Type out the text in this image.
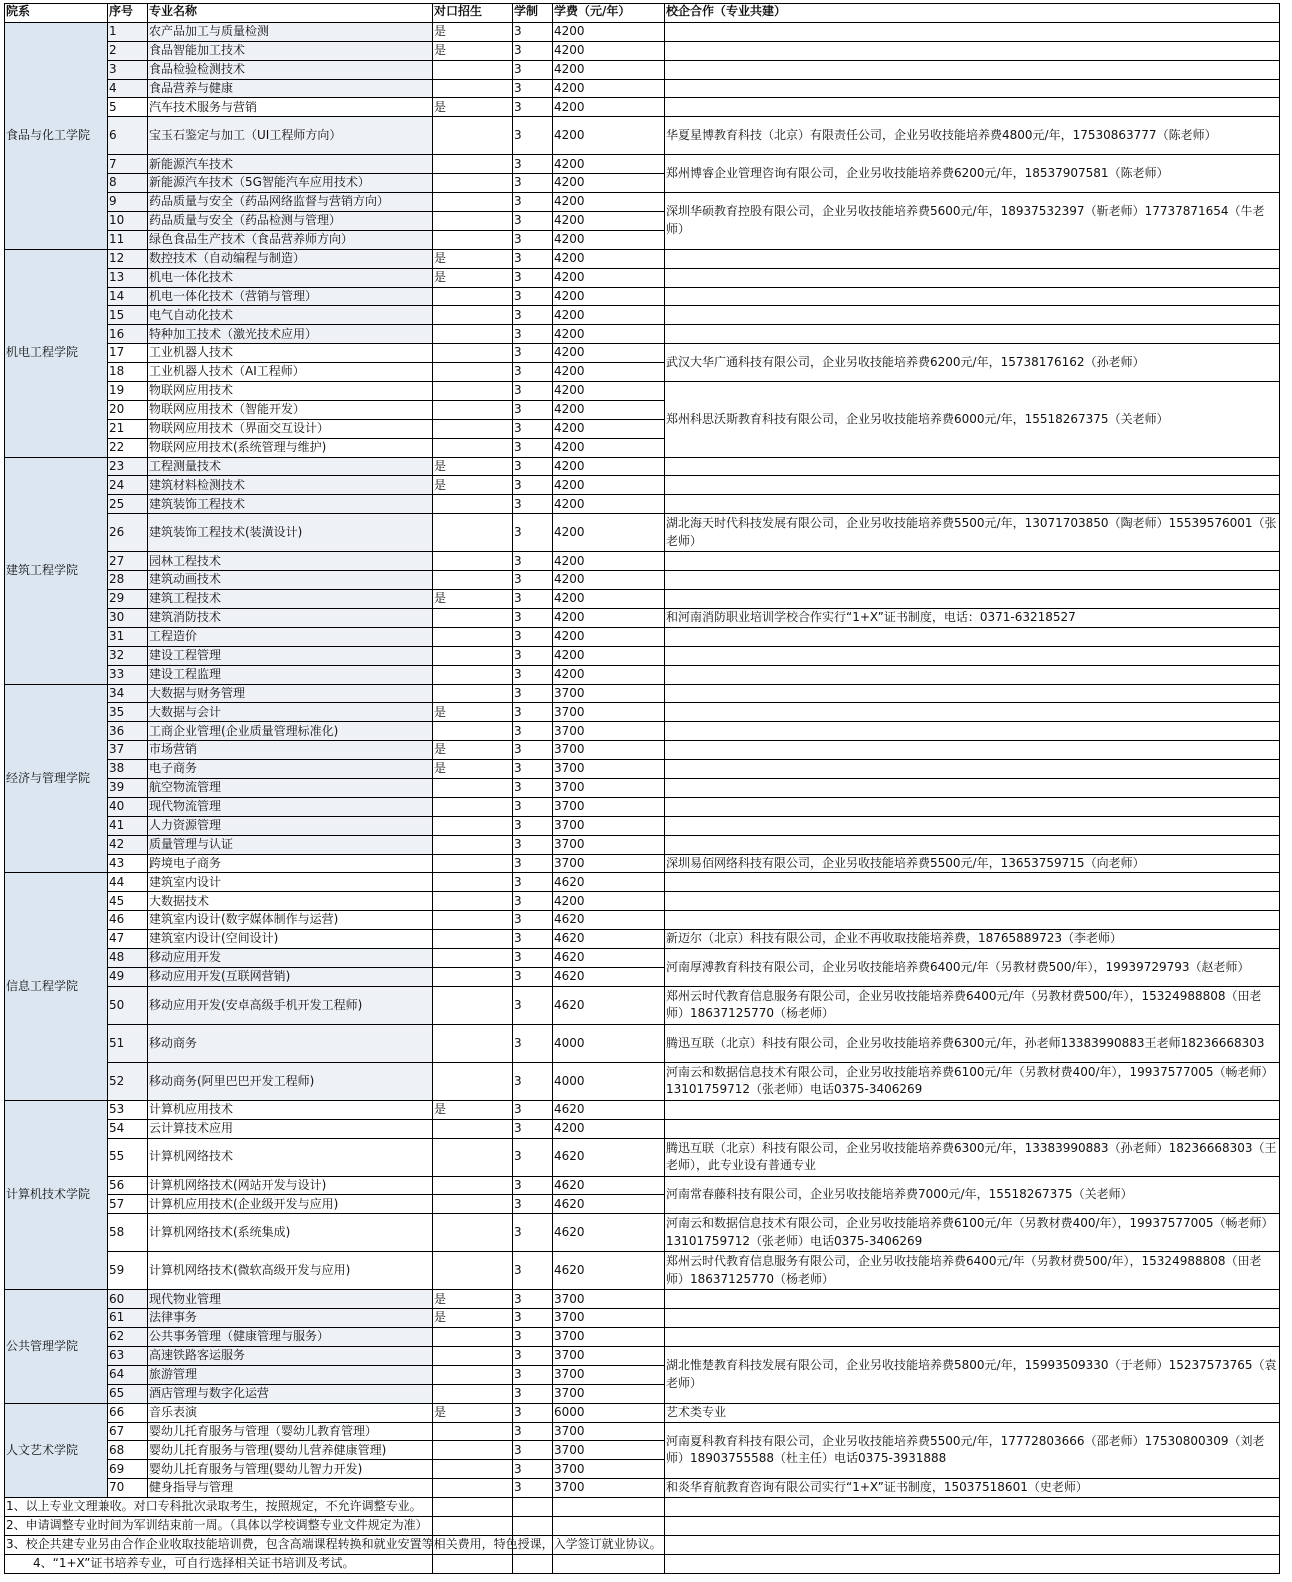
院系	序号	专业名称	对口招生	学制	学费（元/年）	校企合作（专业共建）
食品与化工学院	1	农产品加工与质量检测	是	3	4200	
	2	食品智能加工技术	是	3	4200	
	3	食品检验检测技术		3	4200	
	4	食品营养与健康		3	4200	
	5	汽车技术服务与营销	是	3	4200	
	6	宝玉石鉴定与加工（UI工程师方向）		3	4200	华夏星博教育科技（北京）有限责任公司，企业另收技能培养费4800元/年，17530863777（陈老师）
	7	新能源汽车技术		3	4200	郑州博睿企业管理咨询有限公司，企业另收技能培养费6200元/年，18537907581（陈老师）
	8	新能源汽车技术（5G智能汽车应用技术）		3	4200	
	9	药品质量与安全（药品网络监督与营销方向）		3	4200	深圳华硕教育控股有限公司，企业另收技能培养费5600元/年，18937532397（靳老师）17737871654（牛老师）
	10	药品质量与安全（药品检测与管理）		3	4200	
	11	绿色食品生产技术（食品营养师方向）		3	4200	
机电工程学院	12	数控技术（自动编程与制造）	是	3	4200	
	13	机电一体化技术	是	3	4200	
	14	机电一体化技术（营销与管理）		3	4200	
	15	电气自动化技术		3	4200	
	16	特种加工技术（激光技术应用）		3	4200	
	17	工业机器人技术		3	4200	武汉大华广通科技有限公司，企业另收技能培养费6200元/年，15738176162（孙老师）
	18	工业机器人技术（AI工程师）		3	4200	
	19	物联网应用技术		3	4200	郑州科思沃斯教育科技有限公司，企业另收技能培养费6000元/年，15518267375（关老师）
	20	物联网应用技术（智能开发）		3	4200	
	21	物联网应用技术（界面交互设计）		3	4200	
	22	物联网应用技术(系统管理与维护)		3	4200	
建筑工程学院	23	工程测量技术	是	3	4200	
	24	建筑材料检测技术	是	3	4200	
	25	建筑装饰工程技术		3	4200	
	26	建筑装饰工程技术(装潢设计)		3	4200	湖北海天时代科技发展有限公司，企业另收技能培养费5500元/年，13071703850（陶老师）15539576001（张老师）
	27	园林工程技术		3	4200	
	28	建筑动画技术		3	4200	
	29	建筑工程技术	是	3	4200	
	30	建筑消防技术		3	4200	和河南消防职业培训学校合作实行“1+X”证书制度，电话：0371-63218527
	31	工程造价		3	4200	
	32	建设工程管理		3	4200	
	33	建设工程监理		3	4200	
经济与管理学院	34	大数据与财务管理		3	3700	
	35	大数据与会计	是	3	3700	
	36	工商企业管理(企业质量管理标准化)		3	3700	
	37	市场营销	是	3	3700	
	38	电子商务	是	3	3700	
	39	航空物流管理		3	3700	
	40	现代物流管理		3	3700	
	41	人力资源管理		3	3700	
	42	质量管理与认证		3	3700	
	43	跨境电子商务		3	3700	深圳易佰网络科技有限公司，企业另收技能培养费5500元/年，13653759715（向老师）
信息工程学院	44	建筑室内设计		3	4620	
	45	大数据技术		3	4200	
	46	建筑室内设计(数字媒体制作与运营)		3	4620	
	47	建筑室内设计(空间设计)		3	4620	新迈尔（北京）科技有限公司，企业不再收取技能培养费，18765889723（李老师）
	48	移动应用开发		3	4620	河南厚溥教育科技有限公司，企业另收技能培养费6400元/年（另教材费500/年），19939729793（赵老师）
	49	移动应用开发(互联网营销)		3	4620	
	50	移动应用开发(安卓高级手机开发工程师)		3	4620	郑州云时代教育信息服务有限公司，企业另收技能培养费6400元/年（另教材费500/年），15324988808（田老师）18637125770（杨老师）
	51	移动商务		3	4000	腾迅互联（北京）科技有限公司，企业另收技能培养费6300元/年，孙老师13383990883王老师18236668303
	52	移动商务(阿里巴巴开发工程师)		3	4000	河南云和数据信息技术有限公司，企业另收技能培养费6100元/年（另教材费400/年），19937577005（畅老师）13101759712（张老师）电话0375-3406269
计算机技术学院	53	计算机应用技术	是	3	4620	
	54	云计算技术应用		3	4200	
	55	计算机网络技术		3	4620	腾迅互联（北京）科技有限公司，企业另收技能培养费6300元/年，13383990883（孙老师）18236668303（王老师），此专业设有普通专业
	56	计算机网络技术(网站开发与设计)		3	4620	河南常春藤科技有限公司，企业另收技能培养费7000元/年，15518267375（关老师）
	57	计算机应用技术(企业级开发与应用)		3	4620	
	58	计算机网络技术(系统集成)		3	4620	河南云和数据信息技术有限公司，企业另收技能培养费6100元/年（另教材费400/年），19937577005（畅老师）13101759712（张老师）电话0375-3406269
	59	计算机网络技术(微软高级开发与应用)		3	4620	郑州云时代教育信息服务有限公司，企业另收技能培养费6400元/年（另教材费500/年），15324988808（田老师）18637125770（杨老师）
公共管理学院	60	现代物业管理	是	3	3700	
	61	法律事务	是	3	3700	
	62	公共事务管理（健康管理与服务）		3	3700	
	63	高速铁路客运服务		3	3700	湖北惟楚教育科技发展有限公司，企业另收技能培养费5800元/年，15993509330（于老师）15237573765（袁老师）
	64	旅游管理		3	3700	
	65	酒店管理与数字化运营		3	3700	
人文艺术学院	66	音乐表演	是	3	6000	艺术类专业
	67	婴幼儿托育服务与管理（婴幼儿教育管理）		3	3700	河南夏科教育科技有限公司，企业另收技能培养费5500元/年，17772803666（邵老师）17530800309（刘老师）18903755588（杜主任）电话0375-3931888
	68	婴幼儿托育服务与管理(婴幼儿营养健康管理)		3	3700	
	69	婴幼儿托育服务与管理(婴幼儿智力开发)		3	3700	
	70	健身指导与管理		3	3700	和炎华育航教育咨询有限公司实行“1+X”证书制度，15037518601（史老师）
1、以上专业文理兼收。对口专科批次录取考生，按照规定，不允许调整专业。						
2、申请调整专业时间为军训结束前一周。（具体以学校调整专业文件规定为准）						
3、校企共建专业另由合作企业收取技能培训费，包含高端课程转换和就业安置等相关费用，特色授课，入学签订就业协议。						
4、“1+X”证书培养专业，可自行选择相关证书培训及考试。						
